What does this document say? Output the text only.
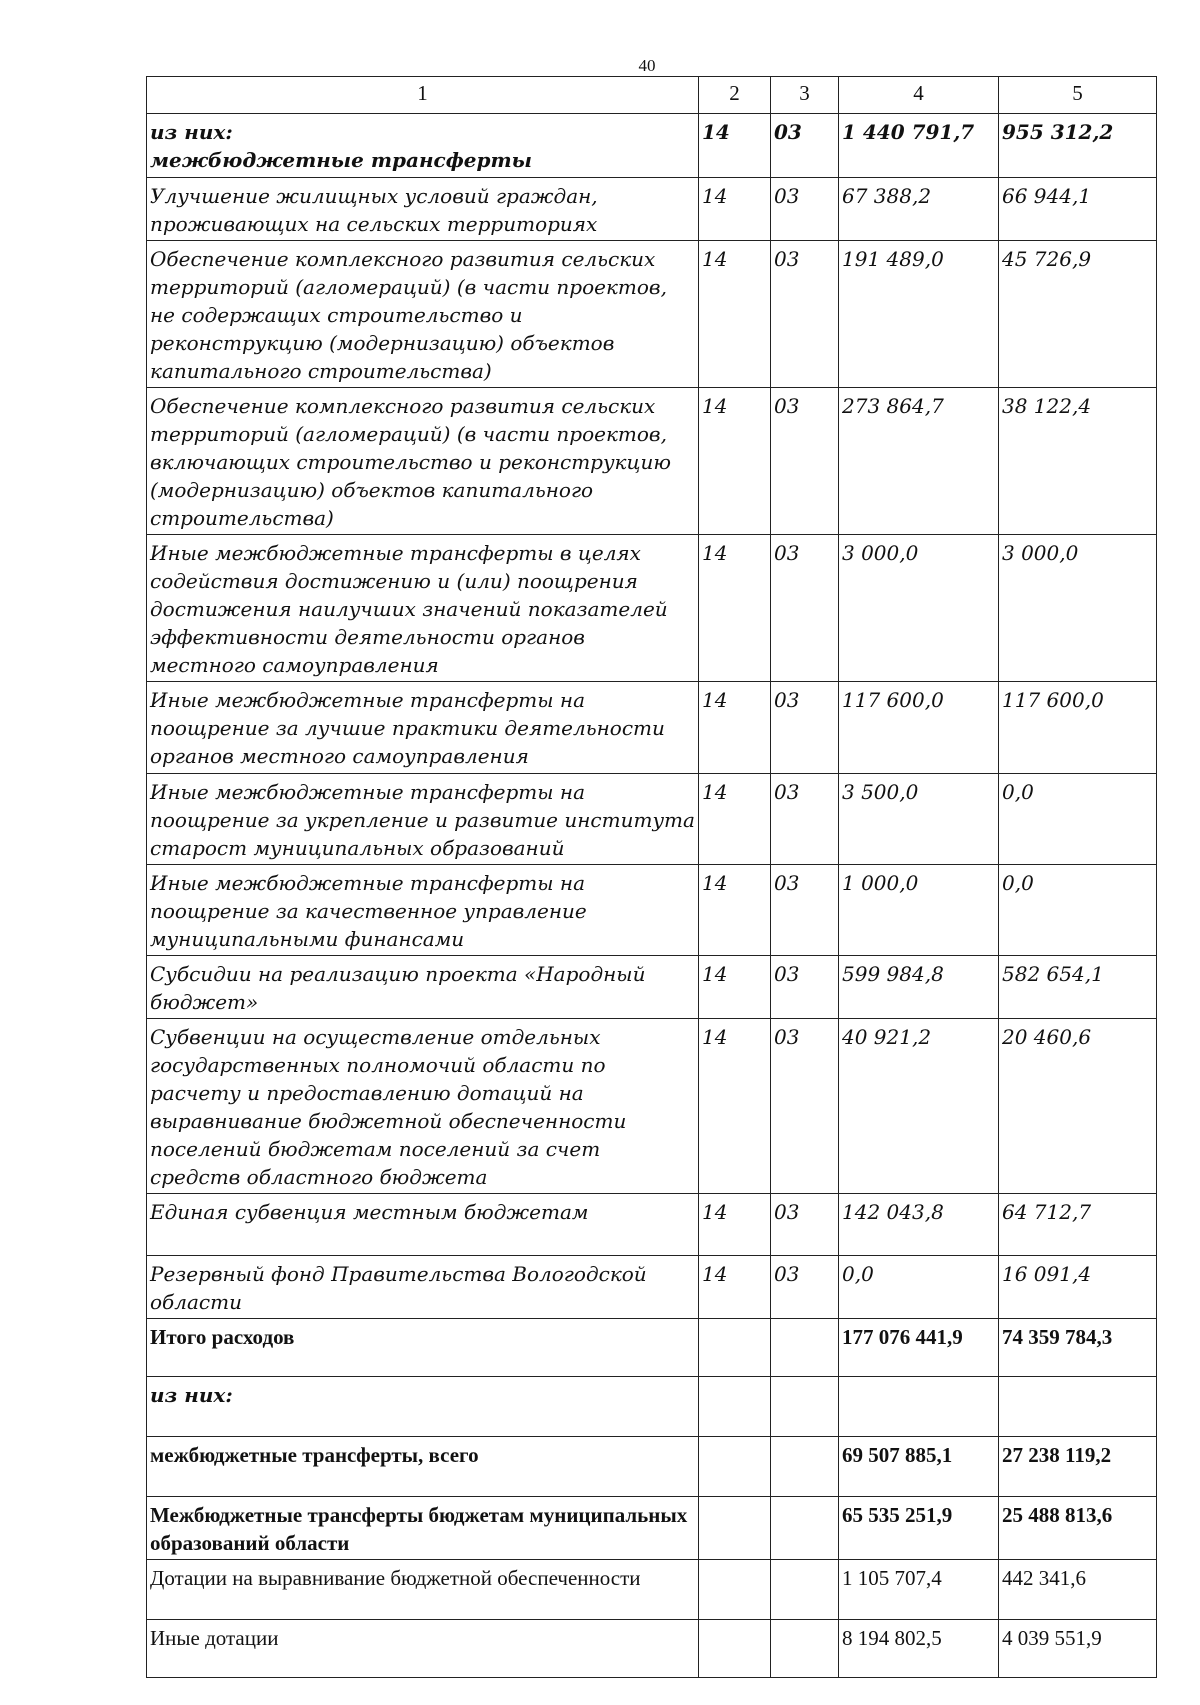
40
1	2	3	4	5

из них:
межбюджетные трансферты	14	03	1 440 791,7	955 312,2
Улучшение жилищных условий граждан, проживающих на сельских территориях	14	03	67 388,2	66 944,1
Обеспечение комплексного развития сельских территорий (агломераций) (в части проектов, не содержащих строительство и реконструкцию (модернизацию) объектов капитального строительства)	14	03	191 489,0	45 726,9
Обеспечение комплексного развития сельских территорий (агломераций) (в части проектов, включающих строительство и реконструкцию (модернизацию) объектов капитального строительства)	14	03	273 864,7	38 122,4
Иные межбюджетные трансферты в целях содействия достижению и (или) поощрения достижения наилучших значений показателей эффективности деятельности органов местного самоуправления	14	03	3 000,0	3 000,0
Иные межбюджетные трансферты на поощрение за лучшие практики деятельности органов местного самоуправления	14	03	117 600,0	117 600,0
Иные межбюджетные трансферты на поощрение за укрепление и развитие института старост муниципальных образований	14	03	3 500,0	0,0
Иные межбюджетные трансферты на поощрение за качественное управление муниципальными финансами	14	03	1 000,0	0,0
Субсидии на реализацию проекта «Народный бюджет»	14	03	599 984,8	582 654,1
Субвенции на осуществление отдельных государственных полномочий области по расчету и предоставлению дотаций на выравнивание бюджетной обеспеченности поселений бюджетам поселений за счет средств областного бюджета	14	03	40 921,2	20 460,6
Единая субвенция местным бюджетам	14	03	142 043,8	64 712,7
Резервный фонд Правительства Вологодской области	14	03	0,0	16 091,4
Итого расходов			177 076 441,9	74 359 784,3
из них:				
межбюджетные трансферты, всего			69 507 885,1	27 238 119,2
Межбюджетные трансферты бюджетам муниципальных образований области			65 535 251,9	25 488 813,6
Дотации на выравнивание бюджетной обеспеченности			1 105 707,4	442 341,6
Иные дотации			8 194 802,5	4 039 551,9
